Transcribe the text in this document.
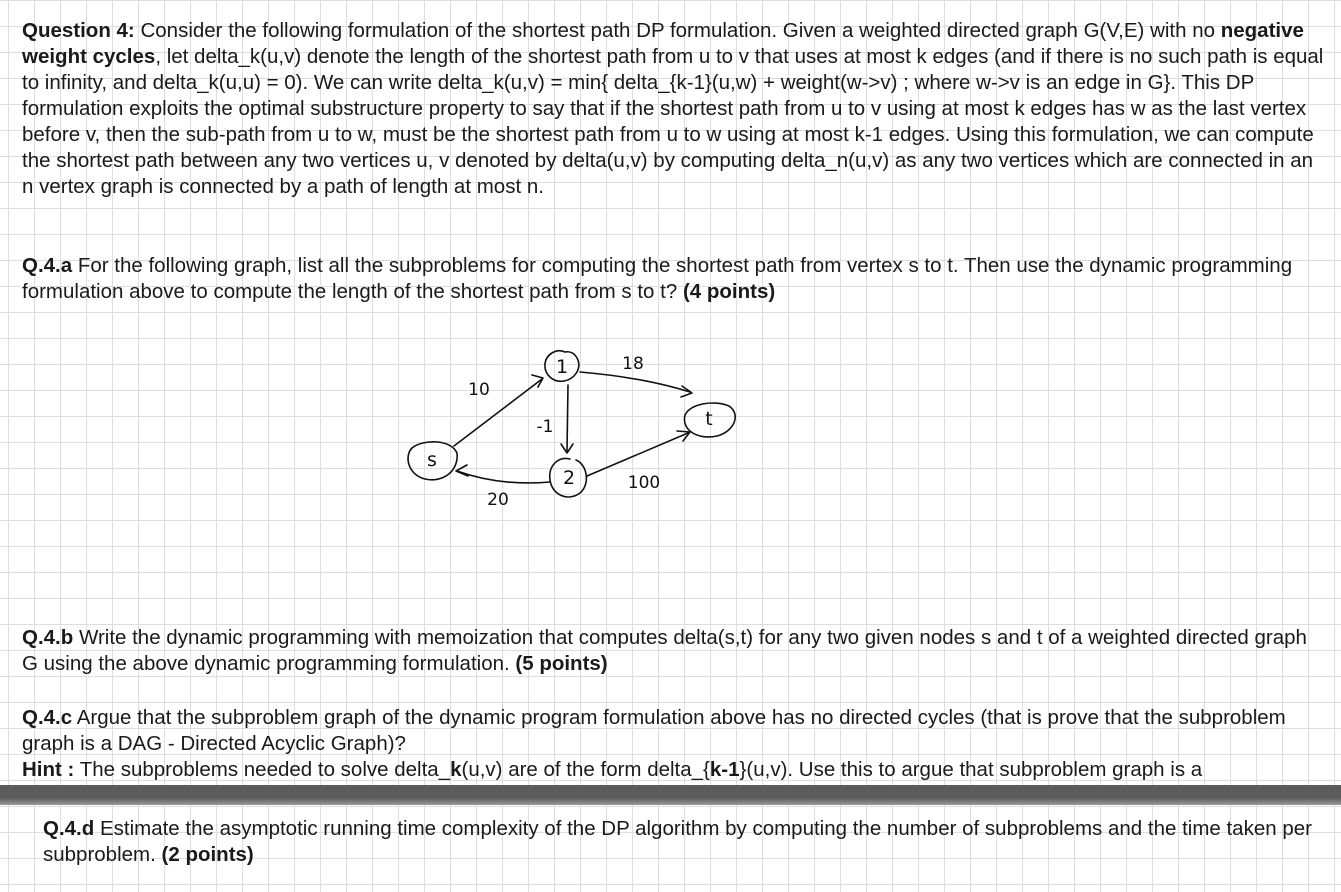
Question 4: Consider the following formulation of the shortest path DP formulation. Given a weighted directed graph G(V,E) with no negative weight cycles, let delta_k(u,v) denote the length of the shortest path from u to v that uses at most k edges (and if there is no such path is equal to infinity, and delta_k(u,u) = 0). We can write delta_k(u,v) = min{ delta_{k-1}(u,w) + weight(w->v) ; where w->v is an edge in G}. This DP formulation exploits the optimal substructure property to say that if the shortest path from u to v using at most k edges has w as the last vertex before v, then the sub-path from u to w, must be the shortest path from u to w using at most k-1 edges. Using this formulation, we can compute the shortest path between any two vertices u, v denoted by delta(u,v) by computing delta_n(u,v) as any two vertices which are connected in an n vertex graph is connected by a path of length at most n.

Q.4.a For the following graph, list all the subproblems for computing the shortest path from vertex s to t. Then use the dynamic programming formulation above to compute the length of the shortest path from s to t? (4 points)

s
1
2
t
10
18
-1
20
100

Q.4.b Write the dynamic programming with memoization that computes delta(s,t) for any two given nodes s and t of a weighted directed graph G using the above dynamic programming formulation. (5 points)

Q.4.c Argue that the subproblem graph of the dynamic program formulation above has no directed cycles (that is prove that the subproblem graph is a DAG - Directed Acyclic Graph)?
Hint : The subproblems needed to solve delta_k(u,v) are of the form delta_{k-1}(u,v). Use this to argue that subproblem graph is a

Q.4.d Estimate the asymptotic running time complexity of the DP algorithm by computing the number of subproblems and the time taken per subproblem. (2 points)
